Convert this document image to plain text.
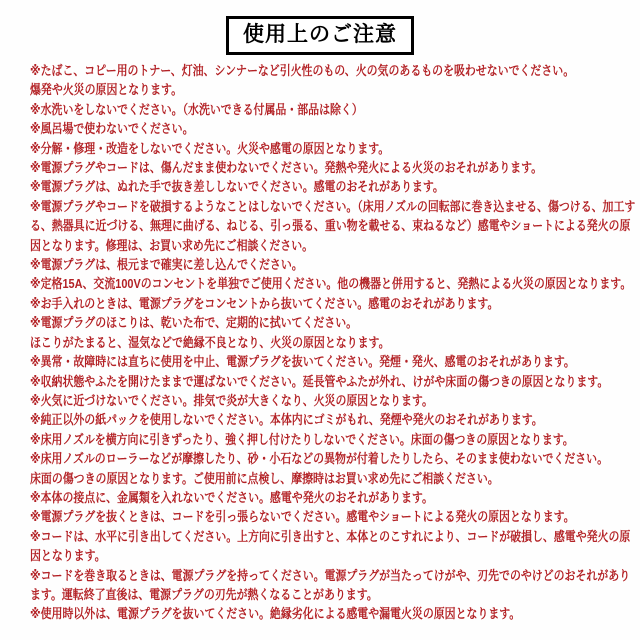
使用上のご注意
※たばこ、コピー用のトナー、灯油、シンナーなど引火性のもの、火の気のあるものを吸わせないでください。
爆発や火災の原因となります。
※水洗いをしないでください。（水洗いできる付属品・部品は除く）
※風呂場で使わないでください。
※分解・修理・改造をしないでください。火災や感電の原因となります。
※電源プラグやコードは、傷んだまま使わないでください。発熱や発火による火災のおそれがあります。
※電源プラグは、ぬれた手で抜き差ししないでください。感電のおそれがあります。
※電源プラグやコードを破損するようなことはしないでください。（床用ノズルの回転部に巻き込ませる、傷つける、加工す
る、熱器具に近づける、無理に曲げる、ねじる、引っ張る、重い物を載せる、束ねるなど）感電やショートによる発火の原
因となります。修理は、お買い求め先にご相談ください。
※電源プラグは、根元まで確実に差し込んでください。
※定格15A、交流100Vのコンセントを単独でご使用ください。他の機器と併用すると、発熱による火災の原因となります。
※お手入れのときは、電源プラグをコンセントから抜いてください。感電のおそれがあります。
※電源プラグのほこりは、乾いた布で、定期的に拭いてください。
ほこりがたまると、湿気などで絶縁不良となり、火災の原因となります。
※異常・故障時には直ちに使用を中止、電源プラグを抜いてください。発煙・発火、感電のおそれがあります。
※収納状態やふたを開けたままで運ばないでください。延長管やふたが外れ、けがや床面の傷つきの原因となります。
※火気に近づけないでください。排気で炎が大きくなり、火災の原因となります。
※純正以外の紙パックを使用しないでください。本体内にゴミがもれ、発煙や発火のおそれがあります。
※床用ノズルを横方向に引きずったり、強く押し付けたりしないでください。床面の傷つきの原因となります。
※床用ノズルのローラーなどが摩擦したり、砂・小石などの異物が付着したりしたら、そのまま使わないでください。
床面の傷つきの原因となります。ご使用前に点検し、摩擦時はお買い求め先にご相談ください。
※本体の接点に、金属類を入れないでください。感電や発火のおそれがあります。
※電源プラグを抜くときは、コードを引っ張らないでください。感電やショートによる発火の原因となります。
※コードは、水平に引き出してください。上方向に引き出すと、本体とのこすれにより、コードが破損し、感電や発火の原
因となります。
※コードを巻き取るときは、電源プラグを持ってください。電源プラグが当たってけがや、刃先でのやけどのおそれがあり
ます。運転終了直後は、電源プラグの刃先が熱くなることがあります。
※使用時以外は、電源プラグを抜いてください。絶縁劣化による感電や漏電火災の原因となります。
